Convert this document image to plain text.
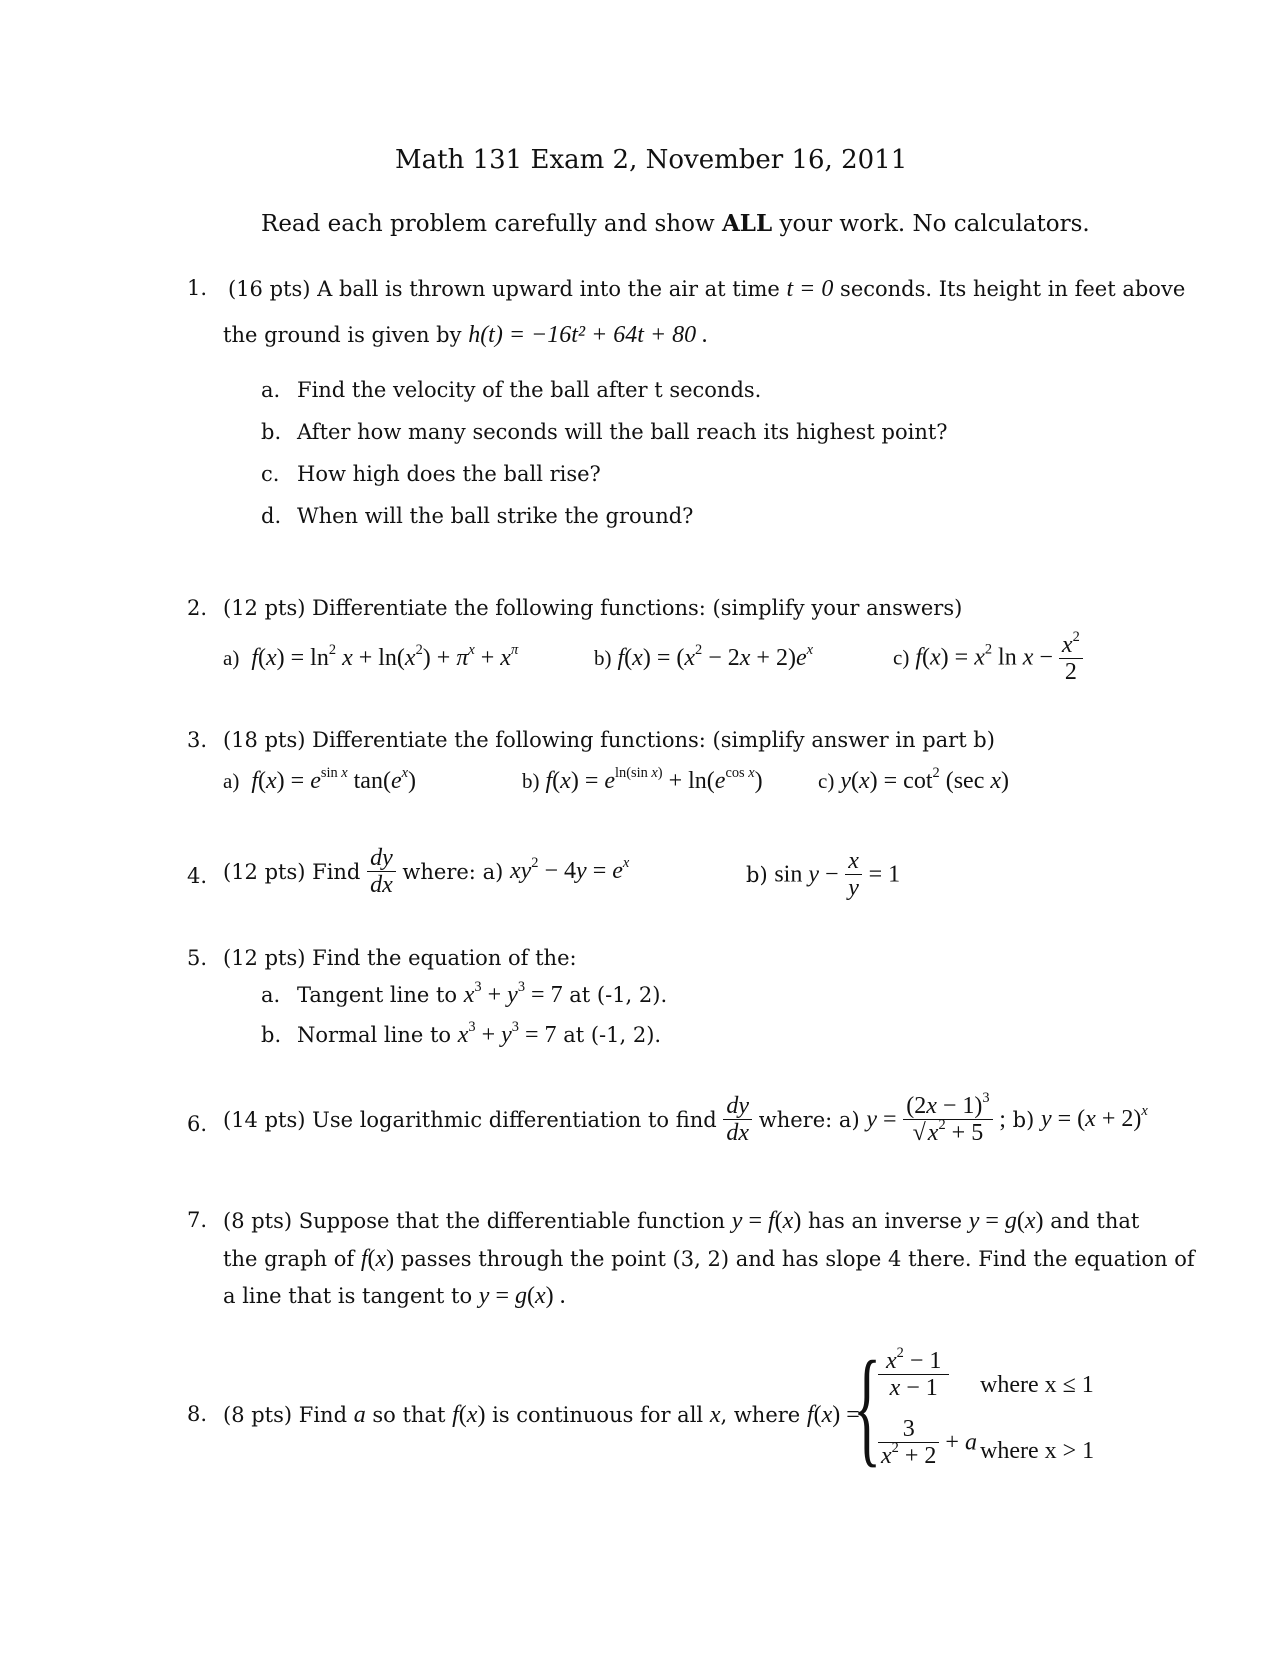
Math 131 Exam 2, November 16, 2011
Read each problem carefully and show ALL your work. No calculators.
1. (16 pts) A ball is thrown upward into the air at time t = 0 seconds. Its height in feet above
the ground is given by h(t) = −16t² + 64t + 80 .
a. Find the velocity of the ball after t seconds.
b. After how many seconds will the ball reach its highest point?
c. How high does the ball rise?
d. When will the ball strike the ground?
2. (12 pts) Differentiate the following functions: (simplify your answers)
a) $f(x) = \ln^2 x + \ln(x^2) + \pi^x + x^\pi$	b) $f(x) = (x^2 - 2x + 2)e^x$	c) $f(x) = x^2$ $\ln x - \frac{x^2}{2}$
3. (18 pts) Differentiate the following functions: (simplify answer in part b)
a) $f(x) = e^{sin x}$ $\tan(e^x)$	b) $f(x) = e^{ln(sin x)} + \ln(e^{cos x})$	c) $y(x) = \cot^2 (\sec$ x)
4. (12 pts) Find $\frac{dy}{dx}$ where: a) $xy^2 - 4y = e^x$	b) $\sin y - \frac{x}{y} = 1$
5. (12 pts) Find the equation of the:
a. Tangent line to $x^3 + y^3 = 7$ at (-1, 2).
b. Normal line to $x^3 + y^3 = 7$ at (-1, 2).
6. (14 pts) Use logarithmic differentiation to find $\frac{dy}{dx}$ where: a) $y = \frac{(2x - 1)^3}{√x^2 + 5}$ ; b) $y = (x + 2)^x$
7. (8 pts) Suppose that the differentiable function y = f(x) has an inverse y = g(x) and that
the graph of f(x) passes through the point (3, 2) and has slope 4 there. Find the equation of
a line that is tangent to y = g(x) .
8. (8 pts) Find a so that f(x) is continuous for all x, where f(x) =
{
$\frac{x^2 - 1}{x - 1}$ where x ≤ 1
$\frac{3}{x^2 + 2} + a$ where x > 1
